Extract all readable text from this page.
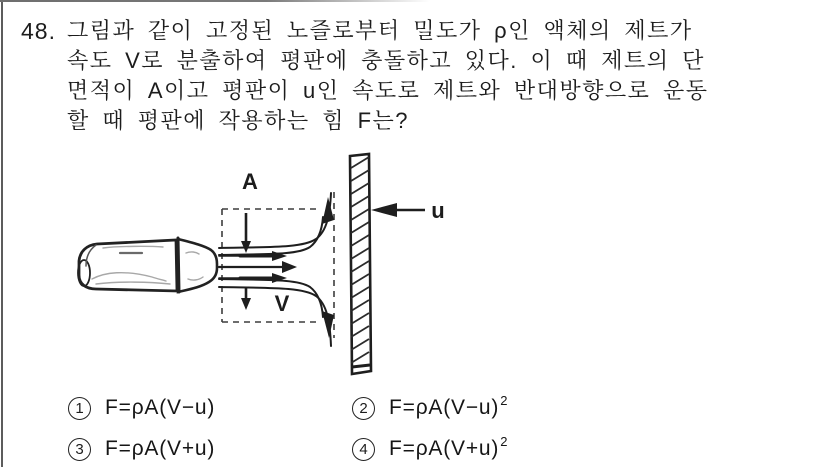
48. 그림과 같이 고정된 노즐로부터 밀도가 ρ인 액체의 제트가
속도 V로 분출하여 평판에 충돌하고 있다. 이 때 제트의 단
면적이 A이고 평판이 u인 속도로 제트와 반대방향으로 운동
할 때 평판에 작용하는 힘 F는?
A
V
u
1	F=ρA(V−u)	2	$F=\rho A(V-u)^2$
3	F=ρA(V+u)	4	$F=\rho A(V+u)^2$
